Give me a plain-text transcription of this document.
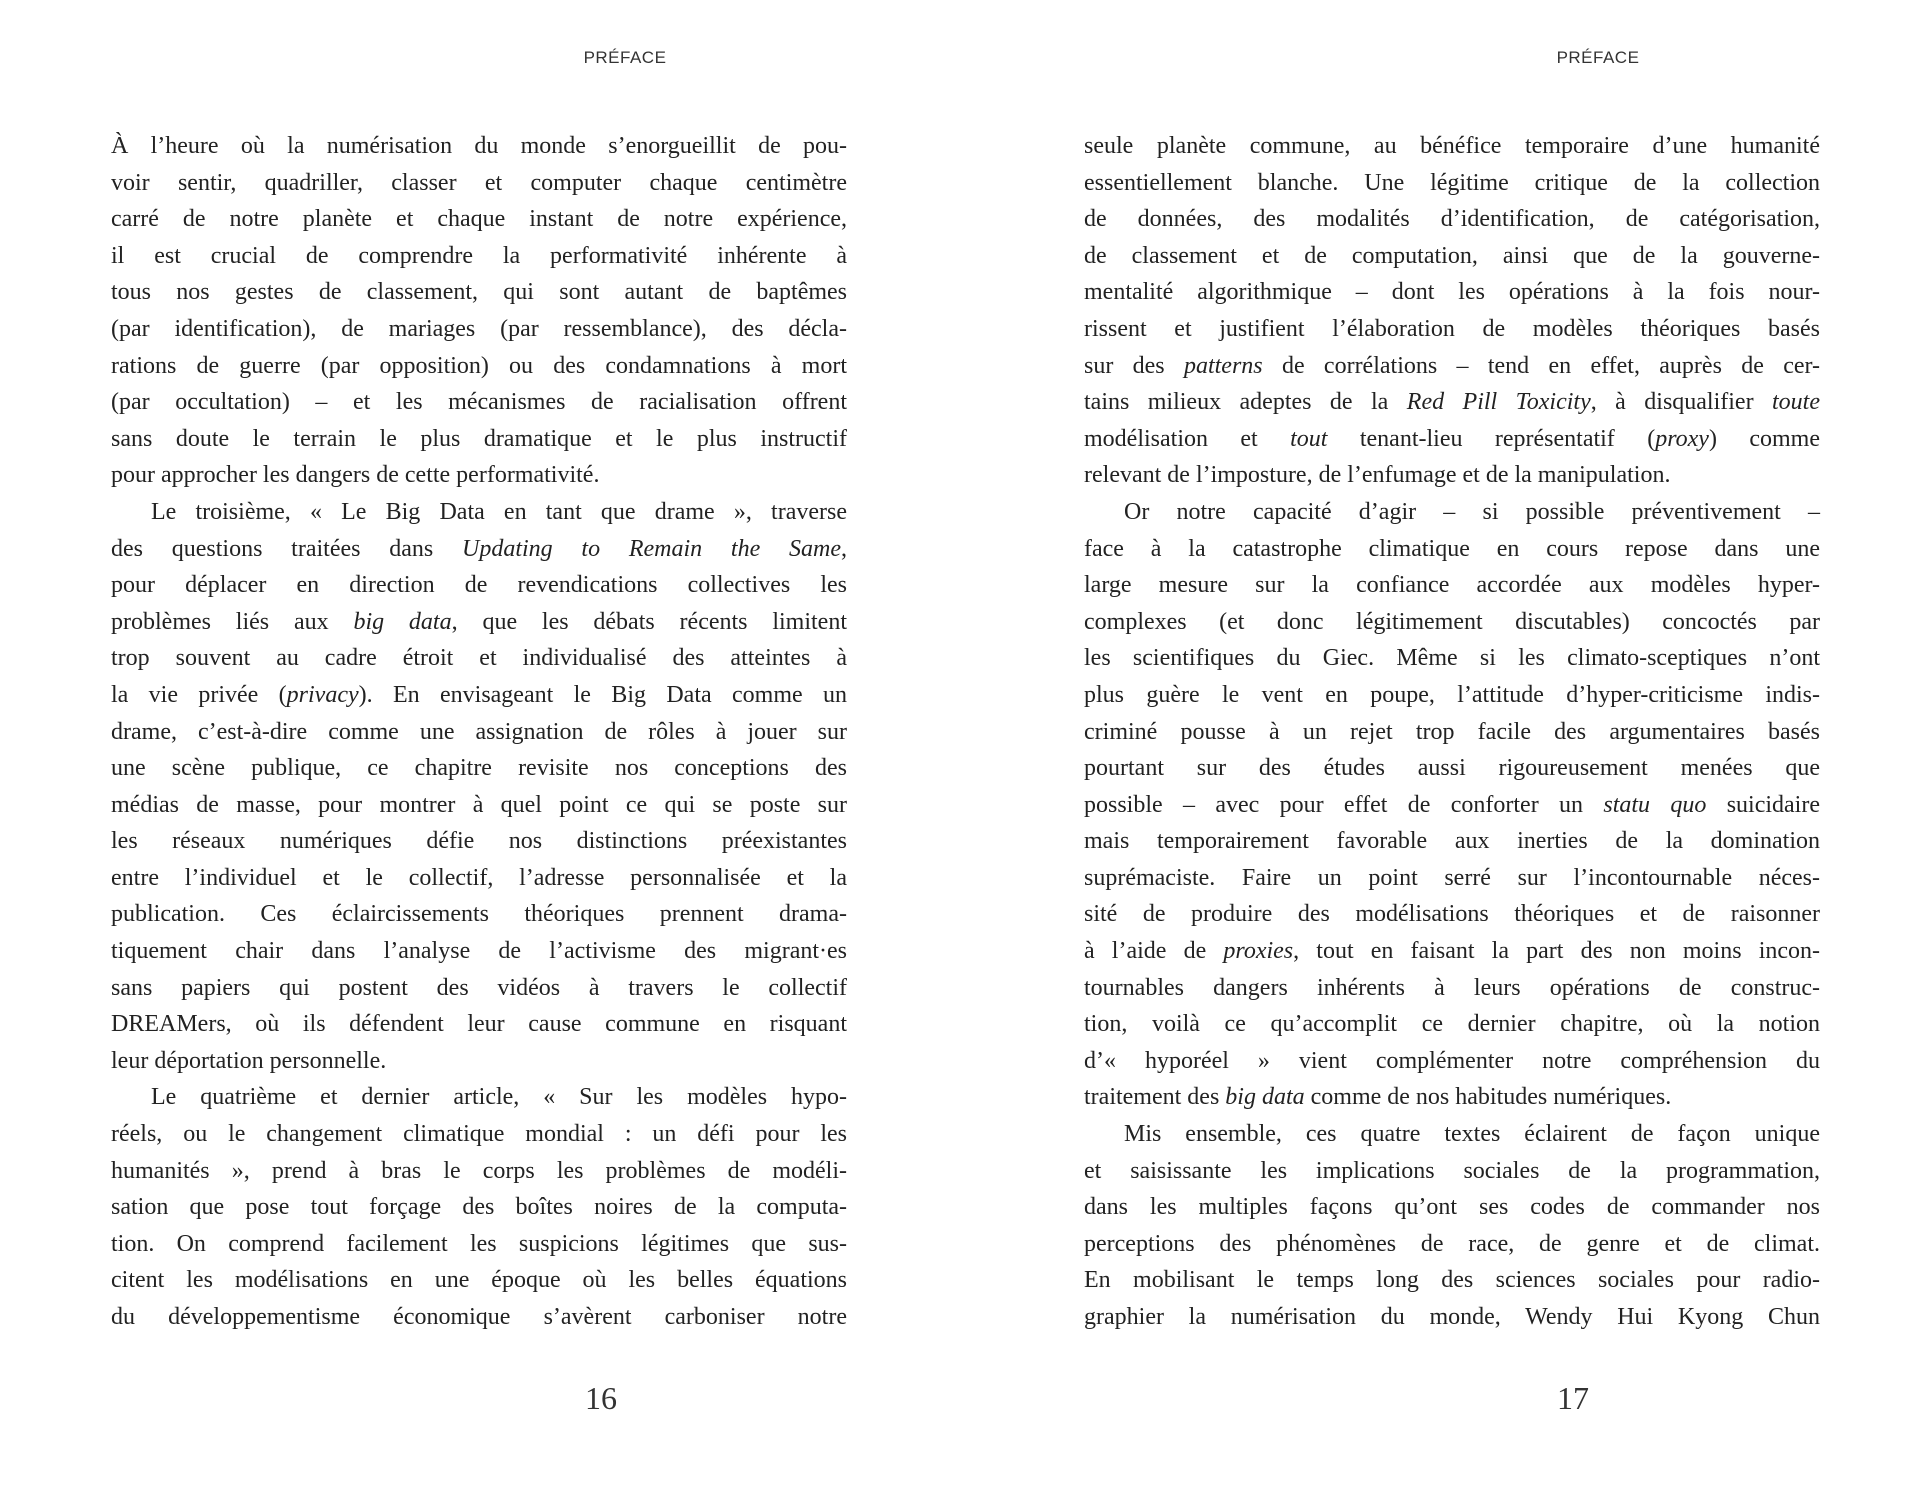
PRÉFACE
À l’heure où la numérisation du monde s’enorgueillit de pou-
voir sentir, quadriller, classer et computer chaque centimètre
carré de notre planète et chaque instant de notre expérience,
il est crucial de comprendre la performativité inhérente à
tous nos gestes de classement, qui sont autant de baptêmes
(par identification), de mariages (par ressemblance), des décla-
rations de guerre (par opposition) ou des condamnations à mort
(par occultation) – et les mécanismes de racialisation offrent
sans doute le terrain le plus dramatique et le plus instructif
pour approcher les dangers de cette performativité.
Le troisième, « Le Big Data en tant que drame », traverse
des questions traitées dans Updating to Remain the Same,
pour déplacer en direction de revendications collectives les
problèmes liés aux big data, que les débats récents limitent
trop souvent au cadre étroit et individualisé des atteintes à
la vie privée (privacy). En envisageant le Big Data comme un
drame, c’est-à-dire comme une assignation de rôles à jouer sur
une scène publique, ce chapitre revisite nos conceptions des
médias de masse, pour montrer à quel point ce qui se poste sur
les réseaux numériques défie nos distinctions préexistantes
entre l’individuel et le collectif, l’adresse personnalisée et la
publication. Ces éclaircissements théoriques prennent drama-
tiquement chair dans l’analyse de l’activisme des migrant·es
sans papiers qui postent des vidéos à travers le collectif
DREAMers, où ils défendent leur cause commune en risquant
leur déportation personnelle.
Le quatrième et dernier article, « Sur les modèles hypo-
réels, ou le changement climatique mondial : un défi pour les
humanités », prend à bras le corps les problèmes de modéli-
sation que pose tout forçage des boîtes noires de la computa-
tion. On comprend facilement les suspicions légitimes que sus-
citent les modélisations en une époque où les belles équations
du développementisme économique s’avèrent carboniser notre
16
PRÉFACE
seule planète commune, au bénéfice temporaire d’une humanité
essentiellement blanche. Une légitime critique de la collection
de données, des modalités d’identification, de catégorisation,
de classement et de computation, ainsi que de la gouverne-
mentalité algorithmique – dont les opérations à la fois nour-
rissent et justifient l’élaboration de modèles théoriques basés
sur des patterns de corrélations – tend en effet, auprès de cer-
tains milieux adeptes de la Red Pill Toxicity, à disqualifier toute
modélisation et tout tenant-lieu représentatif (proxy) comme
relevant de l’imposture, de l’enfumage et de la manipulation.
Or notre capacité d’agir – si possible préventivement –
face à la catastrophe climatique en cours repose dans une
large mesure sur la confiance accordée aux modèles hyper-
complexes (et donc légitimement discutables) concoctés par
les scientifiques du Giec. Même si les climato-sceptiques n’ont
plus guère le vent en poupe, l’attitude d’hyper-criticisme indis-
criminé pousse à un rejet trop facile des argumentaires basés
pourtant sur des études aussi rigoureusement menées que
possible – avec pour effet de conforter un statu quo suicidaire
mais temporairement favorable aux inerties de la domination
suprémaciste. Faire un point serré sur l’incontournable néces-
sité de produire des modélisations théoriques et de raisonner
à l’aide de proxies, tout en faisant la part des non moins incon-
tournables dangers inhérents à leurs opérations de construc-
tion, voilà ce qu’accomplit ce dernier chapitre, où la notion
d’« hyporéel » vient complémenter notre compréhension du
traitement des big data comme de nos habitudes numériques.
Mis ensemble, ces quatre textes éclairent de façon unique
et saisissante les implications sociales de la programmation,
dans les multiples façons qu’ont ses codes de commander nos
perceptions des phénomènes de race, de genre et de climat.
En mobilisant le temps long des sciences sociales pour radio-
graphier la numérisation du monde, Wendy Hui Kyong Chun
17
